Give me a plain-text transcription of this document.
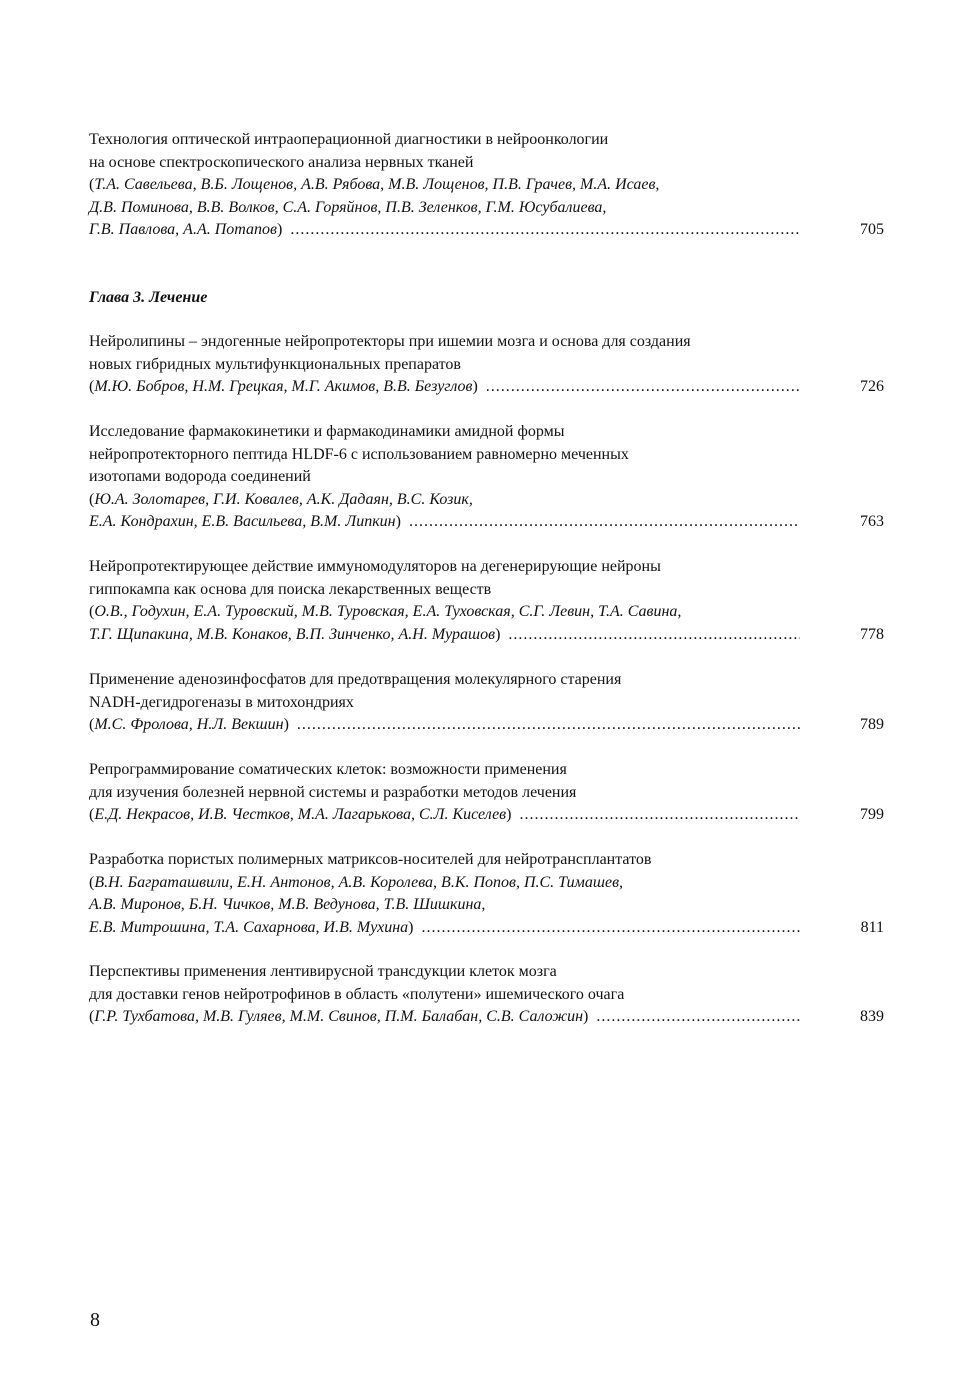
Технология оптической интраоперационной диагностики в нейроонкологии
на основе спектроскопического анализа нервных тканей
(Т.А. Савельева, В.Б. Лощенов, А.В. Рябова, М.В. Лощенов, П.В. Грачев, М.А. Исаев,
Д.В. Поминова, В.В. Волков, С.А. Горяйнов, П.В. Зеленков, Г.М. Юсубалиева,
Г.В. Павлова, А.А. Потапов) .....	705
Глава 3. Лечение
Нейролипины – эндогенные нейропротекторы при ишемии мозга и основа для создания
новых гибридных мультифункциональных препаратов
(М.Ю. Бобров, Н.М. Грецкая, М.Г. Акимов, В.В. Безуглов) .....	726
Исследование фармакокинетики и фармакодинамики амидной формы
нейропротекторного пептида HLDF-6 с использованием равномерно меченных
изотопами водорода соединений
(Ю.А. Золотарев, Г.И. Ковалев, А.К. Дадаян, В.С. Козик,
Е.А. Кондрахин, Е.В. Васильева, В.М. Липкин) .....	763
Нейропротектирующее действие иммуномодуляторов на дегенерирующие нейроны
гиппокампа как основа для поиска лекарственных веществ
(О.В., Годухин, Е.А. Туровский, М.В. Туровская, Е.А. Туховская, С.Г. Левин, Т.А. Савина,
Т.Г. Щипакина, М.В. Конаков, В.П. Зинченко, А.Н. Мурашов) .....	778
Применение аденозинфосфатов для предотвращения молекулярного старения
NADH-дегидрогеназы в митохондриях
(М.С. Фролова, Н.Л. Векшин) .....	789
Репрограммирование соматических клеток: возможности применения
для изучения болезней нервной системы и разработки методов лечения
(Е.Д. Некрасов, И.В. Честков, М.А. Лагарькова, С.Л. Киселев) .....	799
Разработка пористых полимерных матриксов-носителей для нейротрансплантатов
(В.Н. Баграташвили, Е.Н. Антонов, А.В. Королева, В.К. Попов, П.С. Тимашев,
А.В. Миронов, Б.Н. Чичков, М.В. Ведунова, Т.В. Шишкина,
Е.В. Митрошина, Т.А. Сахарнова, И.В. Мухина) .....	811
Перспективы применения лентивирусной трансдукции клеток мозга
для доставки генов нейротрофинов в область «полутени» ишемического очага
(Г.Р. Тухбатова, М.В. Гуляев, М.М. Свинов, П.М. Балабан, С.В. Саложин) .....	839
8
